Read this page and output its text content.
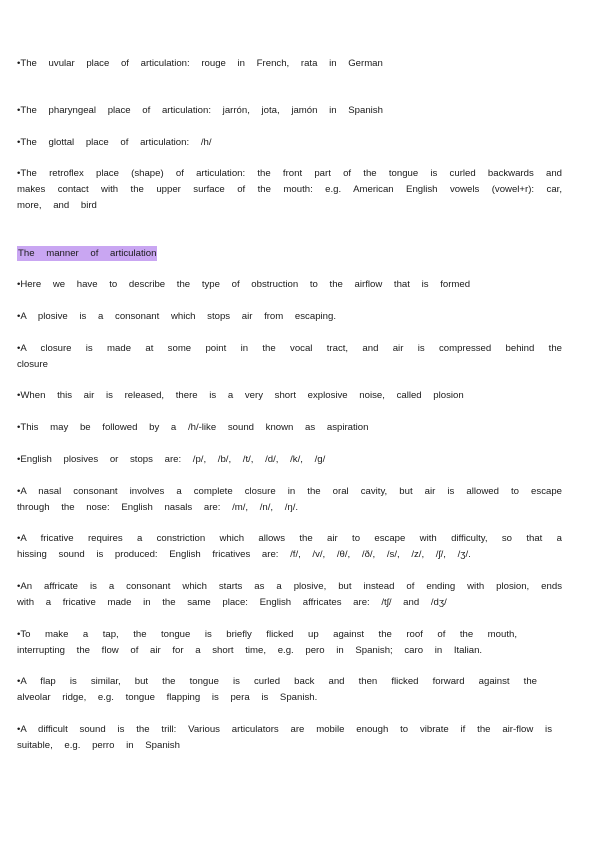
•The uvular place of articulation: rouge in French, rata in German

•The pharyngeal place of articulation: jarrón, jota, jamón in Spanish

•The glottal place of articulation: /h/

•The retroflex place (shape) of articulation: the front part of the tongue is curled backwards and makes contact with the upper surface of the mouth: e.g. American English vowels (vowel+r): car, more, and bird

The manner of articulation

•Here we have to describe the type of obstruction to the airflow that is formed

•A plosive is a consonant which stops air from escaping.

•A closure is made at some point in the vocal tract, and air is compressed behind the closure

•When this air is released, there is a very short explosive noise, called plosion

•This may be followed by a /h/-like sound known as aspiration

•English plosives or stops are: /p/, /b/, /t/, /d/, /k/, /g/

•A nasal consonant involves a complete closure in the oral cavity, but air is allowed to escape through the nose: English nasals are: /m/, /n/, /ŋ/.

•A fricative requires a constriction which allows the air to escape with difficulty, so that a hissing sound is produced: English fricatives are: /f/, /v/, /θ/, /ð/, /s/, /z/, /ʃ/, /ʒ/.

•An affricate is a consonant which starts as a plosive, but instead of ending with plosion, ends with a fricative made in the same place: English affricates are: /tʃ/ and /dʒ/

•To make a tap, the tongue is briefly flicked up against the roof of the mouth, interrupting the flow of air for a short time, e.g. pero in Spanish; caro in Italian.

•A flap is similar, but the tongue is curled back and then flicked forward against the alveolar ridge, e.g. tongue flapping is pera is Spanish.

•A difficult sound is the trill: Various articulators are mobile enough to vibrate if the air-flow is suitable, e.g. perro in Spanish
